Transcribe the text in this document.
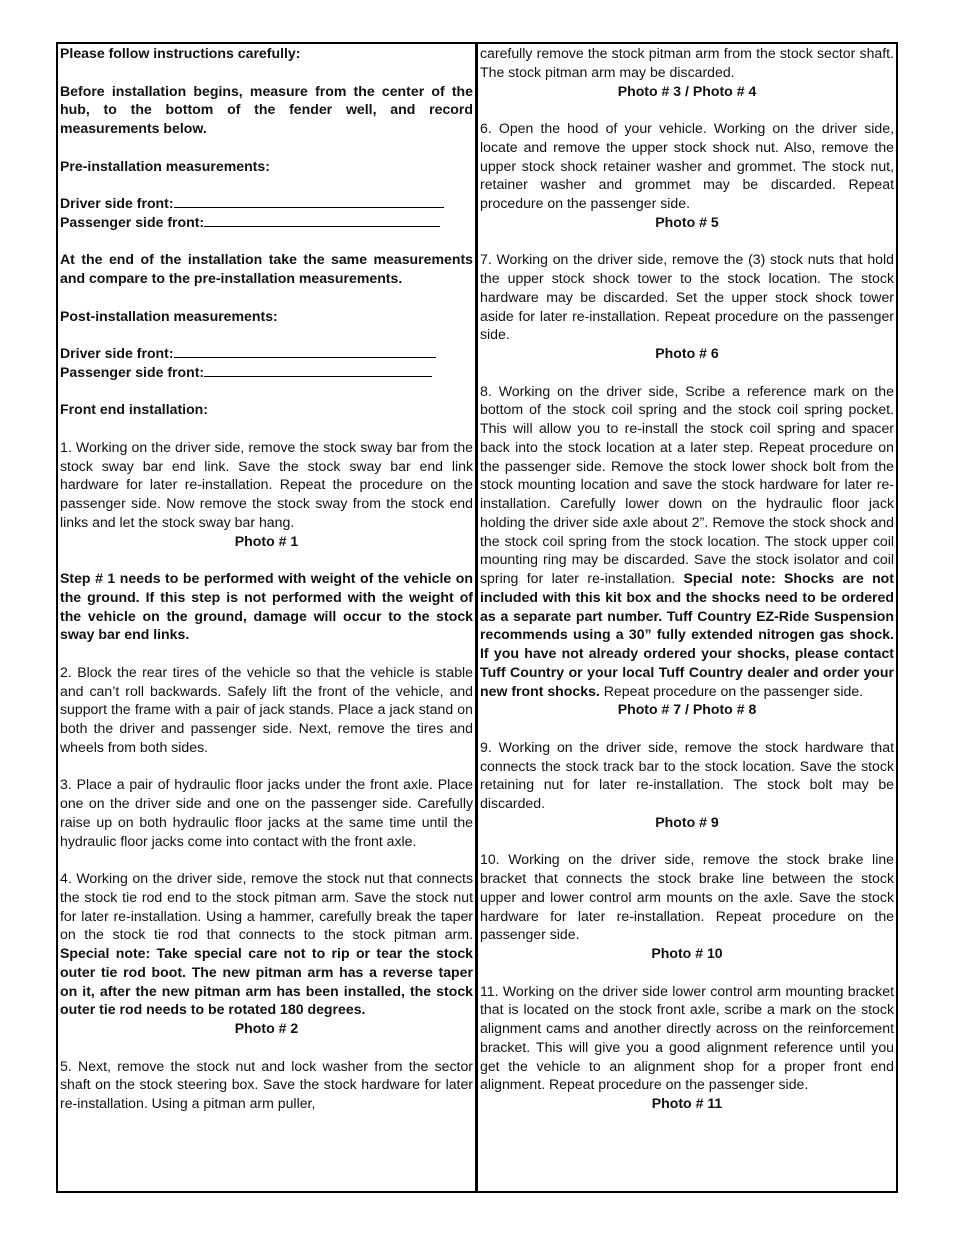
Please follow instructions carefully:

Before installation begins, measure from the center of the hub, to the bottom of the fender well, and record measurements below.

Pre-installation measurements:

Driver side front:

Passenger side front:

At the end of the installation take the same measurements and compare to the pre-installation measurements.

Post-installation measurements:

Driver side front:

Passenger side front:

Front end installation:

1. Working on the driver side, remove the stock sway bar from the stock sway bar end link. Save the stock sway bar end link hardware for later re-installation. Repeat the procedure on the passenger side. Now remove the stock sway from the stock end links and let the stock sway bar hang.

Photo # 1

Step # 1 needs to be performed with weight of the vehicle on the ground. If this step is not performed with the weight of the vehicle on the ground, damage will occur to the stock sway bar end links.

2. Block the rear tires of the vehicle so that the vehicle is stable and can’t roll backwards. Safely lift the front of the vehicle, and support the frame with a pair of jack stands. Place a jack stand on both the driver and passenger side. Next, remove the tires and wheels from both sides.

3. Place a pair of hydraulic floor jacks under the front axle. Place one on the driver side and one on the passenger side. Carefully raise up on both hydraulic floor jacks at the same time until the hydraulic floor jacks come into contact with the front axle.

4. Working on the driver side, remove the stock nut that connects the stock tie rod end to the stock pitman arm. Save the stock nut for later re-installation. Using a hammer, carefully break the taper on the stock tie rod that connects to the stock pitman arm. Special note: Take special care not to rip or tear the stock outer tie rod boot. The new pitman arm has a reverse taper on it, after the new pitman arm has been installed, the stock outer tie rod needs to be rotated 180 degrees.

Photo # 2

5. Next, remove the stock nut and lock washer from the sector shaft on the stock steering box. Save the stock hardware for later re-installation. Using a pitman arm puller,

carefully remove the stock pitman arm from the stock sector shaft. The stock pitman arm may be discarded.

Photo # 3 / Photo # 4

6. Open the hood of your vehicle. Working on the driver side, locate and remove the upper stock shock nut. Also, remove the upper stock shock retainer washer and grommet. The stock nut, retainer washer and grommet may be discarded. Repeat procedure on the passenger side.

Photo # 5

7. Working on the driver side, remove the (3) stock nuts that hold the upper stock shock tower to the stock location. The stock hardware may be discarded. Set the upper stock shock tower aside for later re-installation. Repeat procedure on the passenger side.

Photo # 6

8. Working on the driver side, Scribe a reference mark on the bottom of the stock coil spring and the stock coil spring pocket. This will allow you to re-install the stock coil spring and spacer back into the stock location at a later step. Repeat procedure on the passenger side. Remove the stock lower shock bolt from the stock mounting location and save the stock hardware for later re-installation. Carefully lower down on the hydraulic floor jack holding the driver side axle about 2”. Remove the stock shock and the stock coil spring from the stock location. The stock upper coil mounting ring may be discarded. Save the stock isolator and coil spring for later re-installation. Special note: Shocks are not included with this kit box and the shocks need to be ordered as a separate part number. Tuff Country EZ-Ride Suspension recommends using a 30” fully extended nitrogen gas shock. If you have not already ordered your shocks, please contact Tuff Country or your local Tuff Country dealer and order your new front shocks. Repeat procedure on the passenger side.

Photo # 7 / Photo # 8

9. Working on the driver side, remove the stock hardware that connects the stock track bar to the stock location. Save the stock retaining nut for later re-installation. The stock bolt may be discarded.

Photo # 9

10. Working on the driver side, remove the stock brake line bracket that connects the stock brake line between the stock upper and lower control arm mounts on the axle. Save the stock hardware for later re-installation. Repeat procedure on the passenger side.

Photo # 10

11. Working on the driver side lower control arm mounting bracket that is located on the stock front axle, scribe a mark on the stock alignment cams and another directly across on the reinforcement bracket. This will give you a good alignment reference until you get the vehicle to an alignment shop for a proper front end alignment. Repeat procedure on the passenger side.

Photo # 11
